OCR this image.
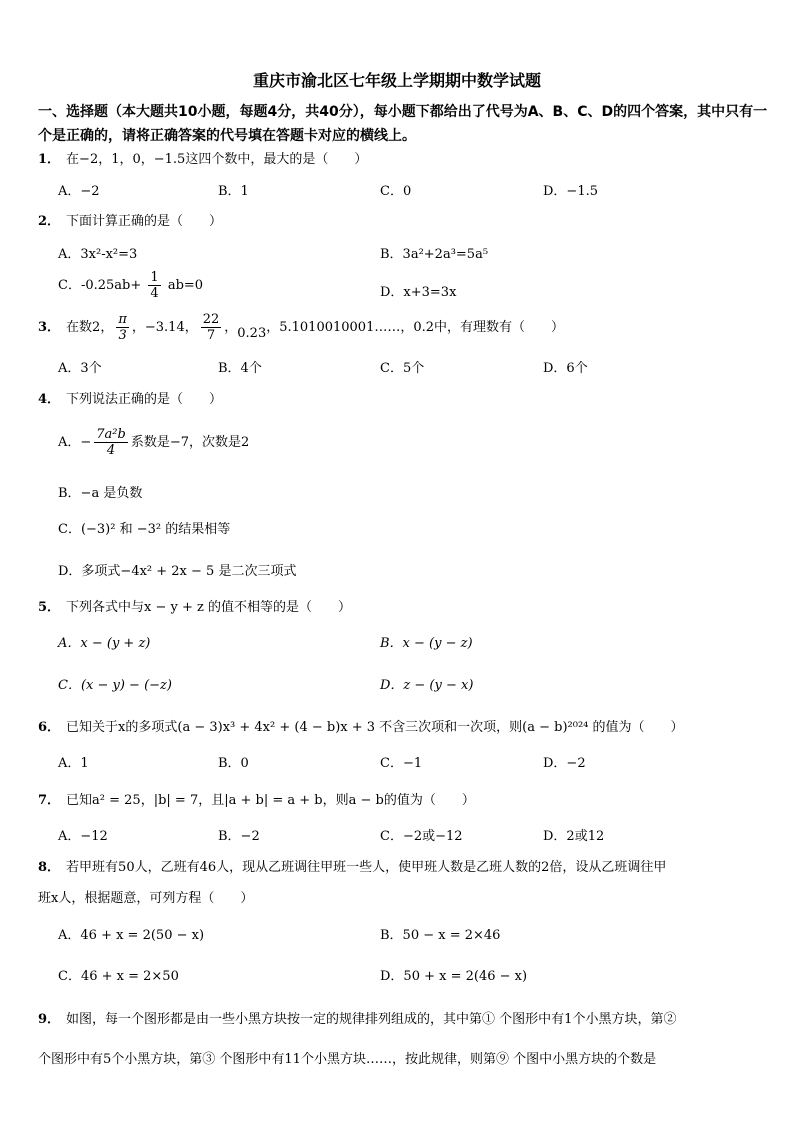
重庆市渝北区七年级上学期期中数学试题
一、选择题（本大题共10小题，每题4分，共40分），每小题下都给出了代号为A、B、C、D的四个答案，其中只有一个是正确的，请将正确答案的代号填在答题卡对应的横线上。
1． 在−2，1，0，−1.5这四个数中，最大的是（　　）
A．−2	B．1	C．0	D．−1.5
2． 下面计算正确的是（　　）
A．3x²-x²=3	B．3a²+2a³=5a⁵
C．$-0.25ab+ \frac{1}{4} ab=0$	D．x+3=3x
3． 在数2， $\frac{\pi}{3}$ ，−3.14， $\frac{22}{7}$ ，0.23，5.1010010001……，0.2中，有理数有（　　）
A．3个	B．4个	C．5个	D．6个
4． 下列说法正确的是（　　）
A．− $\frac{\text{7a²b}}{4}$ 系数是−7，次数是2
B．−a 是负数
C．(−3)² 和 −3² 的结果相等
D．多项式−4x² + 2x − 5 是二次三项式
5． 下列各式中与x − y + z 的值不相等的是（　　）
A．x − (y + z)	B．x − (y − z)
C．(x − y) − (−z)	D．z − (y − x)
6． 已知关于x的多项式(a − 3)x³ + 4x² + (4 − b)x + 3 不含三次项和一次项，则(a − b)²⁰²⁴ 的值为（　　）
A．1	B．0	C．−1	D．−2
7． 已知a² = 25，|b| = 7，且|a + b| = a + b，则a − b的值为（　　）
A．−12	B．−2	C．−2或−12	D．2或12
8． 若甲班有50人，乙班有46人，现从乙班调往甲班一些人，使甲班人数是乙班人数的2倍，设从乙班调往甲
班x人，根据题意，可列方程（　　）
A．46 + x = 2(50 − x)	B．50 − x = 2×46
C．46 + x = 2×50	D．50 + x = 2(46 − x)
9． 如图，每一个图形都是由一些小黑方块按一定的规律排列组成的，其中第① 个图形中有1个小黑方块，第②
个图形中有5个小黑方块，第③ 个图形中有11个小黑方块……，按此规律，则第⑨ 个图中小黑方块的个数是
